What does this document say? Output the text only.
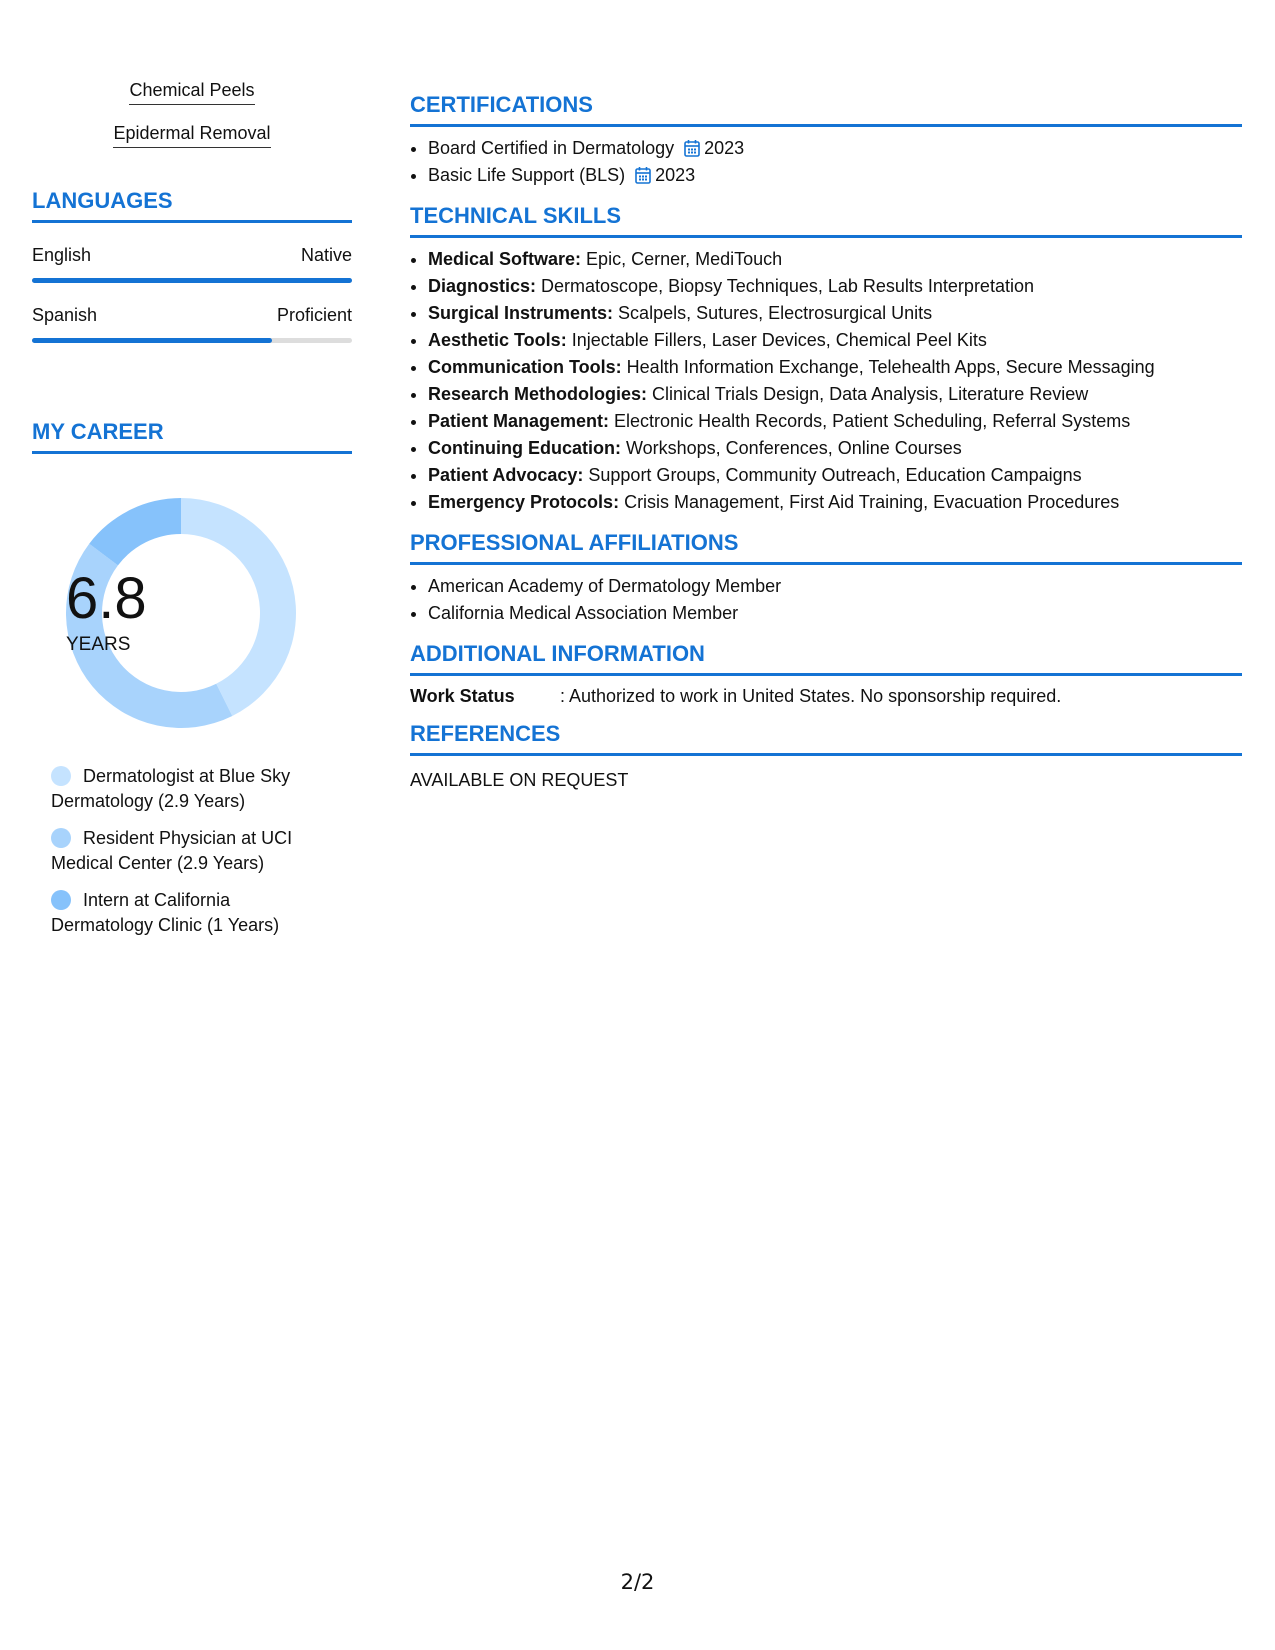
Chemical Peels
Epidermal Removal
LANGUAGES
English	Native
Spanish	Proficient
MY CAREER
6.8
YEARS
Dermatologist at Blue Sky Dermatology (2.9 Years)
Resident Physician at UCI Medical Center (2.9 Years)
Intern at California Dermatology Clinic (1 Years)
CERTIFICATIONS
• Board Certified in Dermatology 2023
• Basic Life Support (BLS) 2023
TECHNICAL SKILLS
• Medical Software: Epic, Cerner, MediTouch
• Diagnostics: Dermatoscope, Biopsy Techniques, Lab Results Interpretation
• Surgical Instruments: Scalpels, Sutures, Electrosurgical Units
• Aesthetic Tools: Injectable Fillers, Laser Devices, Chemical Peel Kits
• Communication Tools: Health Information Exchange, Telehealth Apps, Secure Messaging
• Research Methodologies: Clinical Trials Design, Data Analysis, Literature Review
• Patient Management: Electronic Health Records, Patient Scheduling, Referral Systems
• Continuing Education: Workshops, Conferences, Online Courses
• Patient Advocacy: Support Groups, Community Outreach, Education Campaigns
• Emergency Protocols: Crisis Management, First Aid Training, Evacuation Procedures
PROFESSIONAL AFFILIATIONS
• American Academy of Dermatology Member
• California Medical Association Member
ADDITIONAL INFORMATION
Work Status	: Authorized to work in United States. No sponsorship required.
REFERENCES
AVAILABLE ON REQUEST
2/2
